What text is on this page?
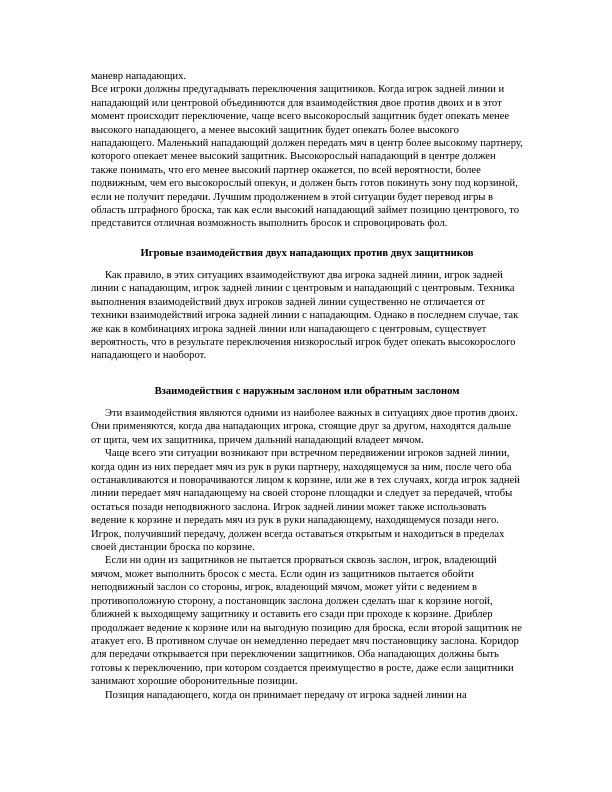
маневр нападающих.

Все игроки должны предугадывать переключения защитников. Когда игрок задней линии и нападающий или центровой объединяются для взаимодействия двое против двоих и в этот момент происходит переключение, чаще всего высокорослый защитник будет опекать менее высокого нападающего, а менее высокий защитник будет опекать более высокого нападающего. Маленький нападающий должен передать мяч в центр более высокому партнеру, которого опекает менее высокий защитник. Высокорослый нападающий в центре должен также понимать, что его менее высокий партнер окажется, по всей вероятности, более подвижным, чем его высокорослый опекун, и должен быть готов покинуть зону под корзиной, если не получит передачи. Лучшим продолжением в этой ситуации будет перевод игры в область штрафного броска, так как если высокий нападающий займет позицию центрового, то представится отличная возможность выполнить бросок и спровоцировать фол.

Игровые взаимодействия двух нападающих против двух защитников

Как правило, в этих ситуациях взаимодействуют два игрока задней линии, игрок задней линии с нападающим, игрок задней линии с центровым и нападающий с центровым. Техника выполнения взаимодействий двух игроков задней линии существенно не отличается от техники взаимодействий игрока задней линии с нападающим. Однако в последнем случае, так же как в комбинациях игрока задней линии или нападающего с центровым, существует вероятность, что в результате переключения низкорослый игрок будет опекать высокорослого нападающего и наоборот.

Взаимодействия с наружным заслоном или обратным заслоном

Эти взаимодействия являются одними из наиболее важных в ситуациях двое против двоих. Они применяются, когда два нападающих игрока, стоящие друг за другом, находятся дальше от щита, чем их защитника, причем дальний нападающий владеет мячом.

Чаще всего эти ситуации возникают при встречном передвижении игроков задней линии, когда один из них передает мяч из рук в руки партнеру, находящемуся за ним, после чего оба останавливаются и поворачиваются лицом к корзине, или же в тех случаях, когда игрок задней линии передает мяч нападающему на своей стороне площадки и следует за передачей, чтобы остаться позади неподвижного заслона. Игрок задней линии может также использовать ведение к корзине и передать мяч из рук в руки нападающему, находящемуся позади него. Игрок, получивший передачу, должен всегда оставаться открытым и находиться в пределах своей дистанции броска по корзине.

Если ни один из защитников не пытается прорваться сквозь заслон, игрок, владеющий мячом, может выполнить бросок с места. Если один из защитников пытается обойти неподвижный заслон со стороны, игрок, владеющий мячом, может уйти с ведением в противоположную сторону, а постановщик заслона должен сделать шаг к корзине ногой, ближней к выходящему защитнику и оставить его сзади при проходе к корзине. Дриблер продолжает ведение к корзине или на выгодную позицию для броска, если второй защитник не атакует его. В противном случае он немедленно передает мяч постановщику заслона. Коридор для передачи открывается при переключении защитников. Оба нападающих должны быть готовы к переключению, при котором создается преимущество в росте, даже если защитники занимают хорошие оборонительные позиции.

Позиция нападающего, когда он принимает передачу от игрока задней линии на
